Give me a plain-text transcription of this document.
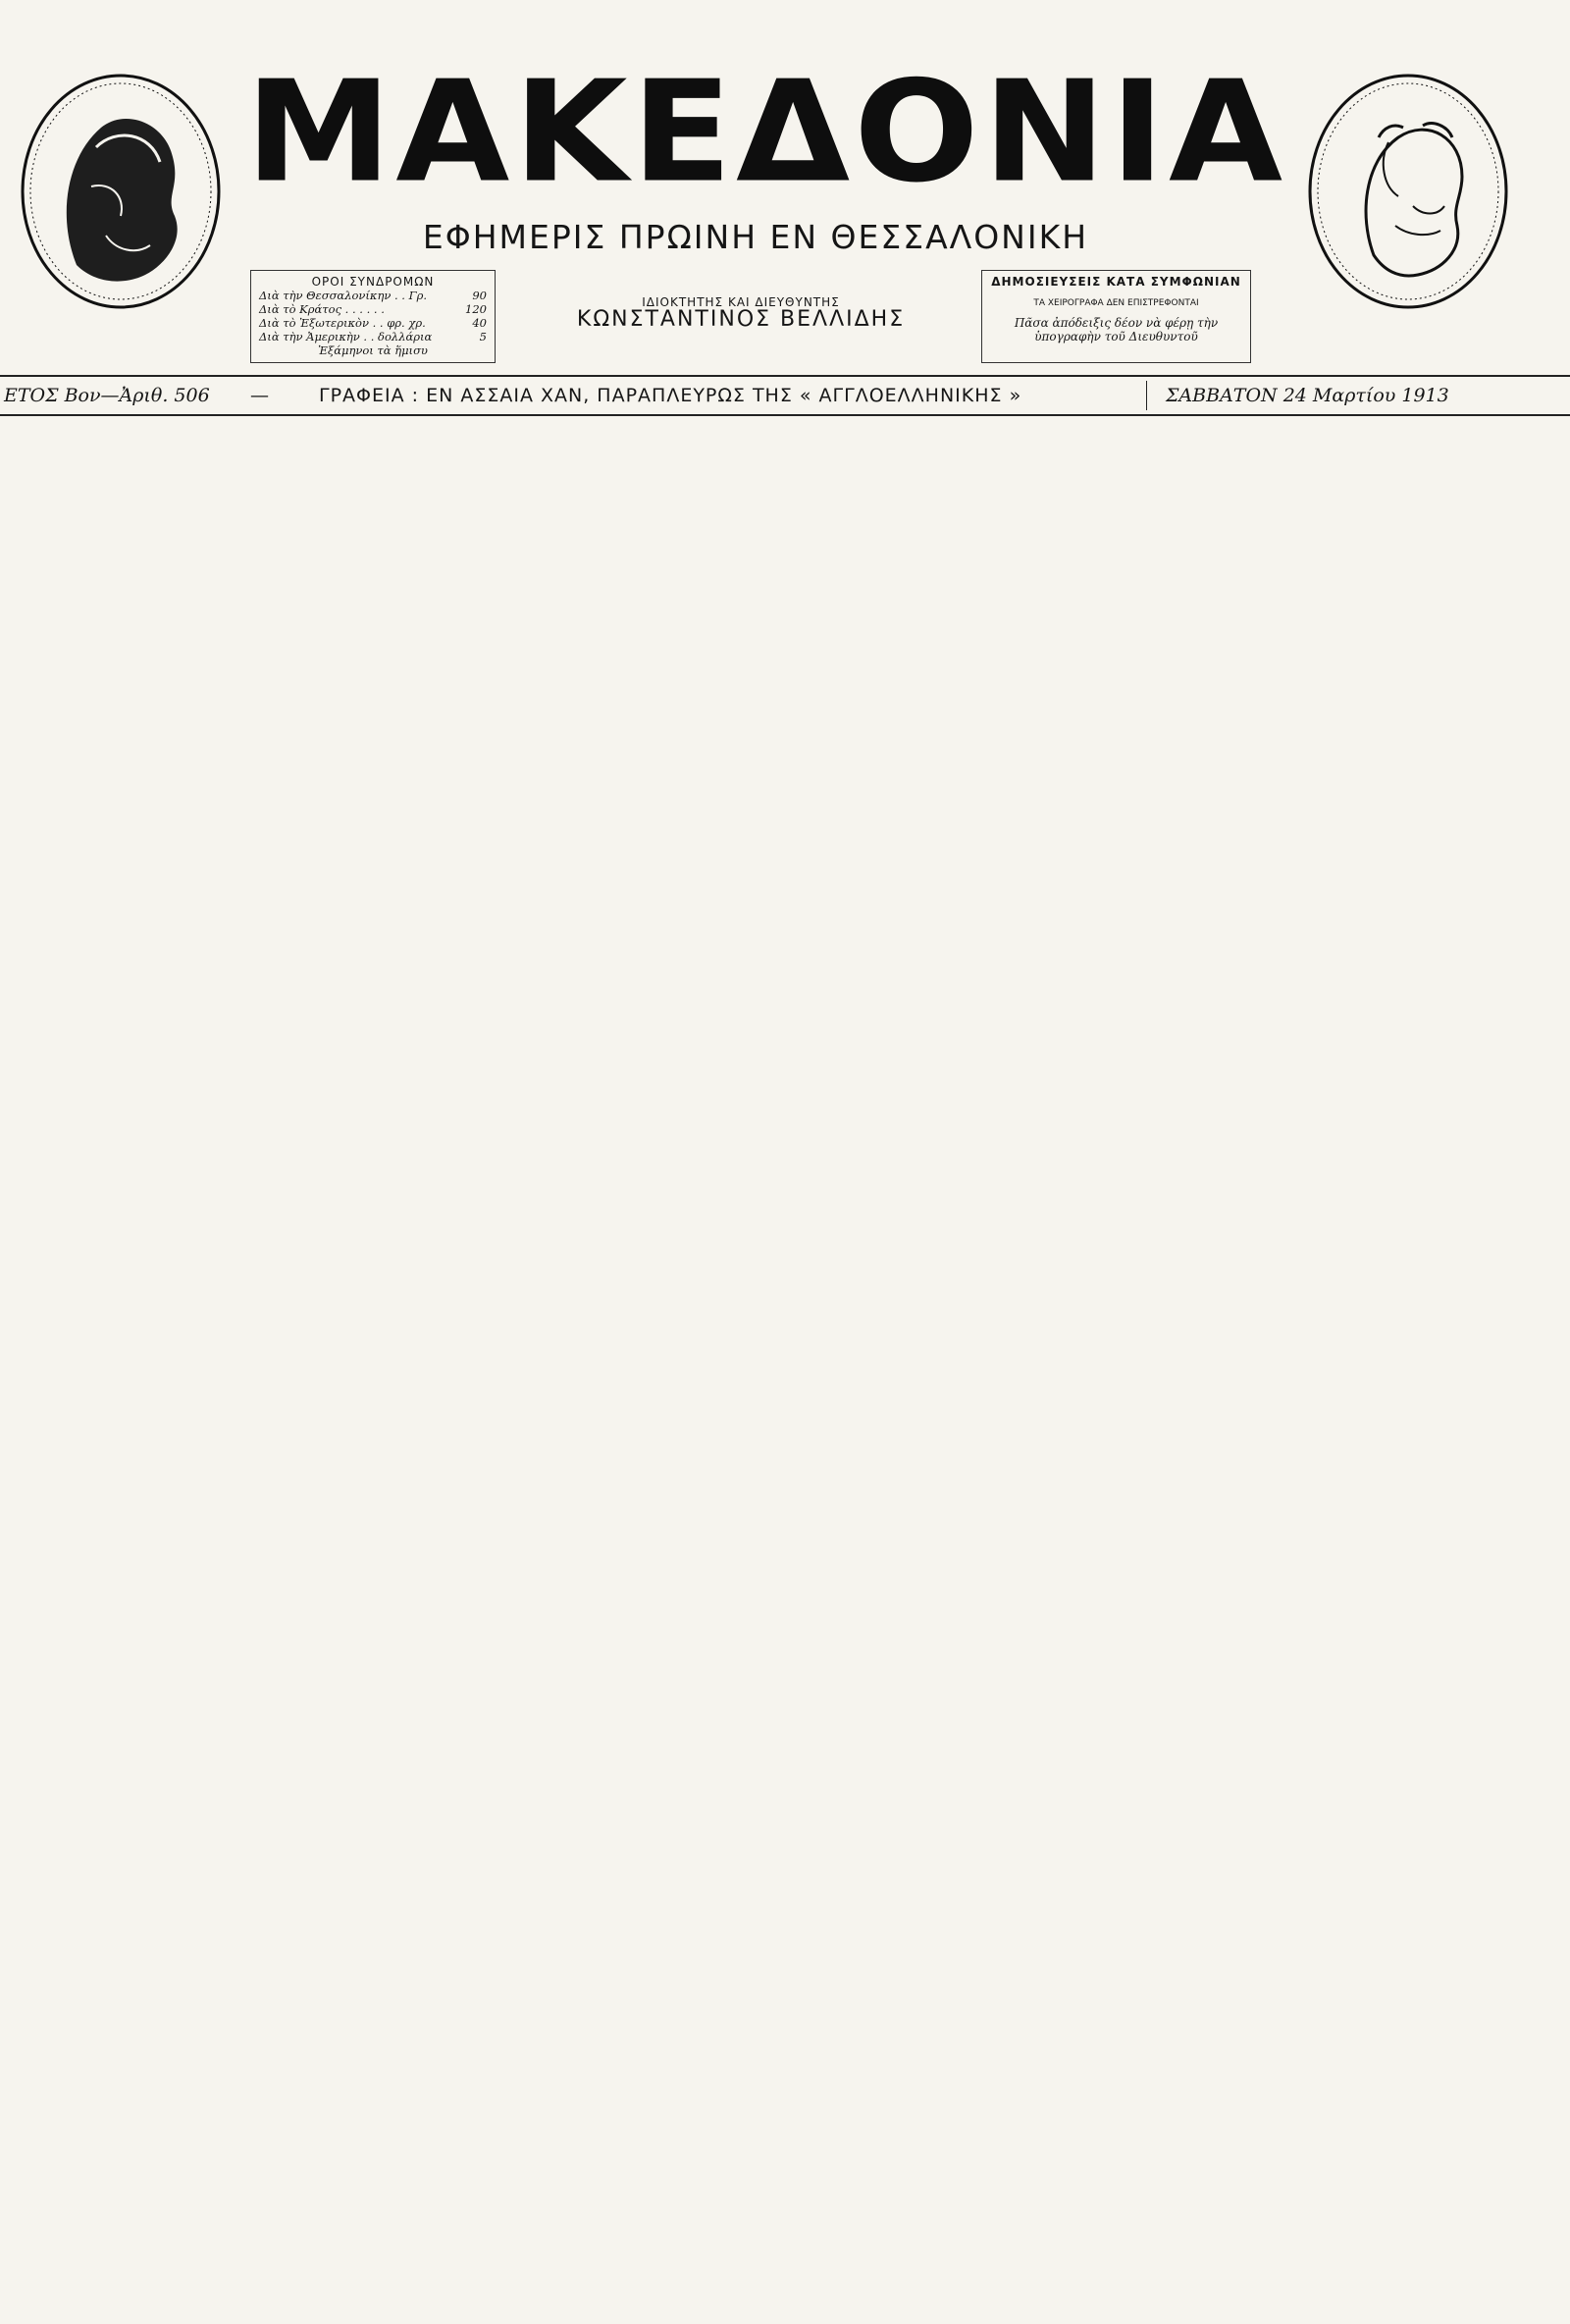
ΜΑΚΕΔΟΝΙΑ
ΕΦΗΜΕΡΙΣ ΠΡΩΙΝΗ ΕΝ ΘΕΣΣΑΛΟΝΙΚΗ
ΟΡΟΙ ΣΥΝΔΡΟΜΩΝ
Διὰ τὴν Θεσσαλονίκην . . Γρ.	90
Διὰ τὸ Κράτος . . . . . .	120
Διὰ τὸ Ἐξωτερικὸν . . φρ. χρ.	40
Διὰ τὴν Ἀμερικὴν . . δολλάρια	5
Ἐξάμηνοι τὰ ἥμισυ
ΙΔΙΟΚΤΗΤΗΣ ΚΑΙ ΔΙΕΥΘΥΝΤΗΣ
ΚΩΝΣΤΑΝΤΙΝΟΣ ΒΕΛΛΙΔΗΣ
ΔΗΜΟΣΙΕΥΣΕΙΣ ΚΑΤΑ ΣΥΜΦΩΝΙΑΝ
ΤΑ ΧΕΙΡΟΓΡΑΦΑ ΔΕΝ ΕΠΙΣΤΡΕΦΟΝΤΑΙ
Πᾶσα ἀπόδειξις δέον νὰ φέρῃ τὴν ὑπογραφὴν τοῦ Διευθυντοῦ
ΕΤΟΣ Βον—Ἀριθ. 506 —	ΓΡΑΦΕΙΑ : ΕΝ ΑΣΣΑΙΑ ΧΑΝ, ΠΑΡΑΠΛΕΥΡΩΣ ΤΗΣ « ΑΓΓΛΟΕΛΛΗΝΙΚΗΣ »	ΣΑΒΒΑΤΟΝ 24 Μαρτίου 1913
